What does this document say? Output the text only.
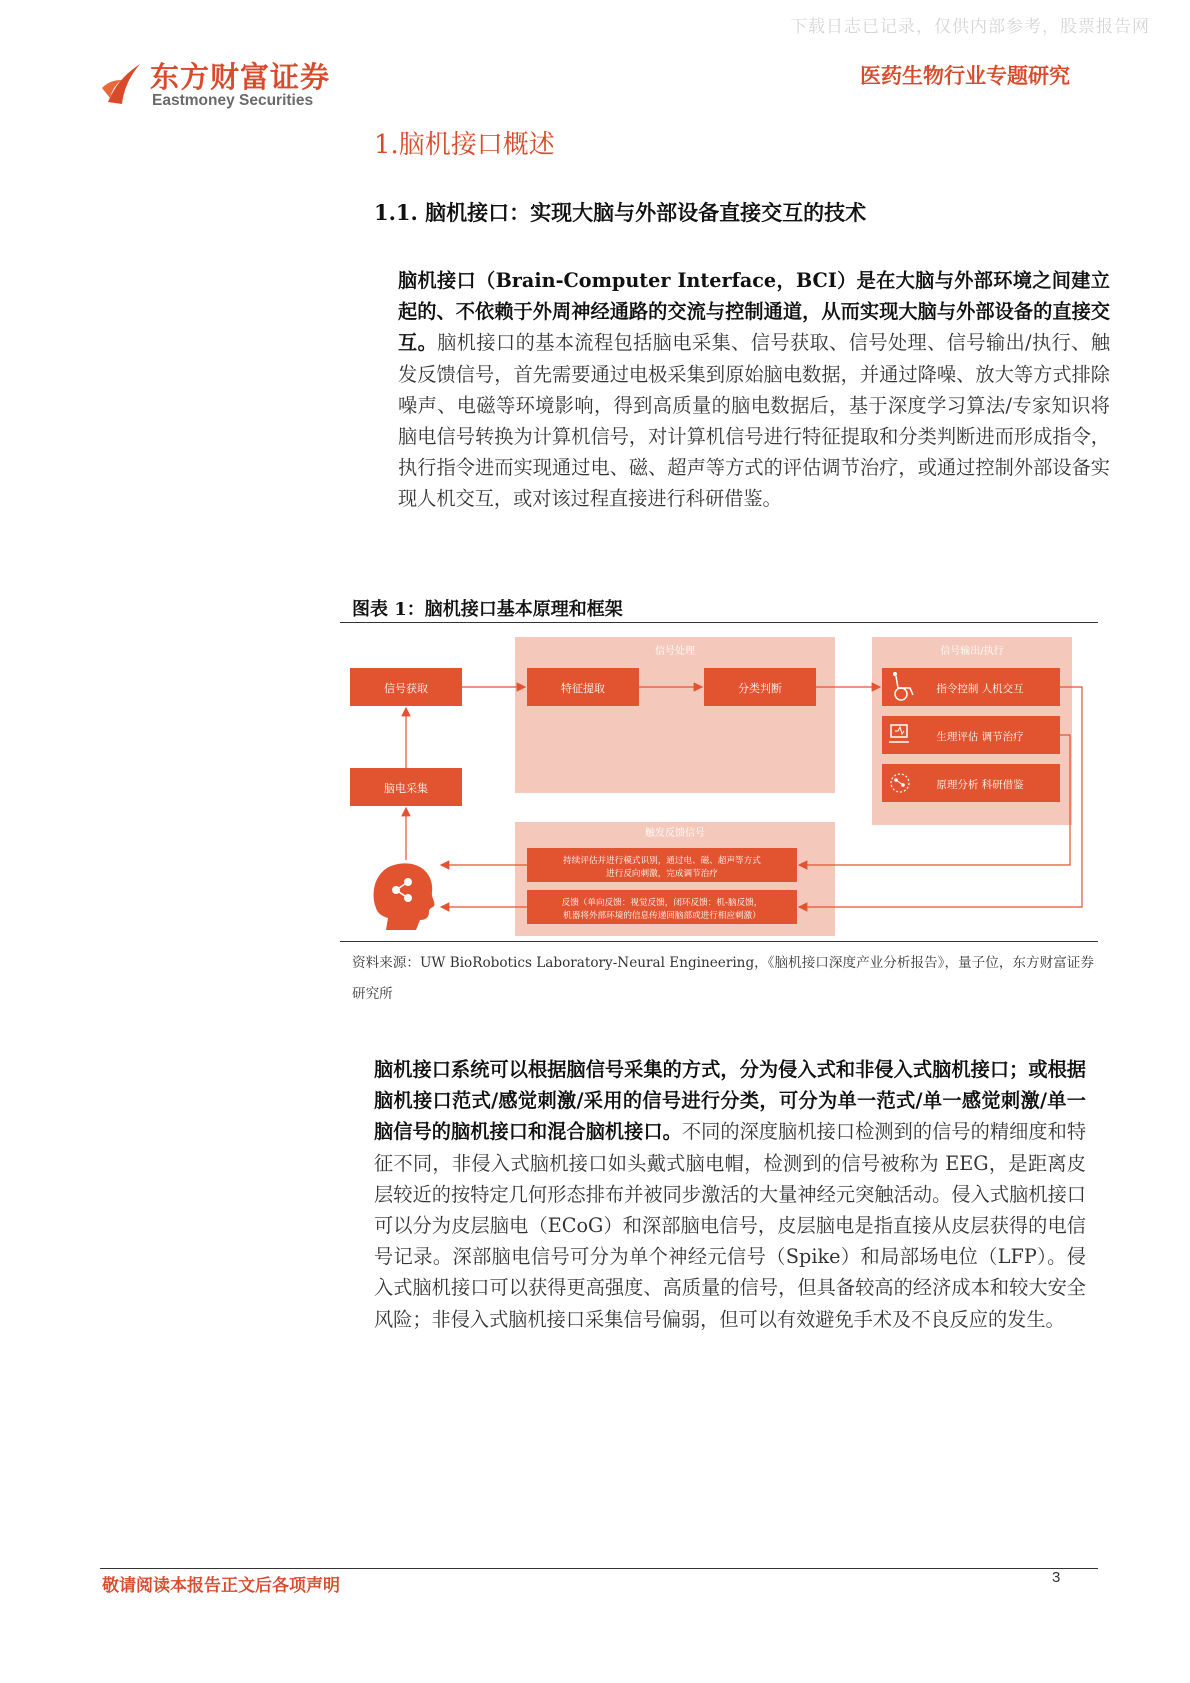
下载日志已记录，仅供内部参考，股票报告网
东方财富证券
Eastmoney Securities
医药生物行业专题研究
1.脑机接口概述
1.1. 脑机接口：实现大脑与外部设备直接交互的技术
脑机接口（Brain-Computer Interface，BCI）是在大脑与外部环境之间建立起的、不依赖于外周神经通路的交流与控制通道，从而实现大脑与外部设备的直接交互。脑机接口的基本流程包括脑电采集、信号获取、信号处理、信号输出/执行、触发反馈信号，首先需要通过电极采集到原始脑电数据，并通过降噪、放大等方式排除噪声、电磁等环境影响，得到高质量的脑电数据后，基于深度学习算法/专家知识将脑电信号转换为计算机信号，对计算机信号进行特征提取和分类判断进而形成指令，执行指令进而实现通过电、磁、超声等方式的评估调节治疗，或通过控制外部设备实现人机交互，或对该过程直接进行科研借鉴。
图表 1：脑机接口基本原理和框架
信号处理	信号输出/执行
触发反馈信号
信号获取
脑电采集
特征提取	分类判断	指令控制 人机交互
生理评估 调节治疗
原理分析 科研借鉴
持续评估并进行模式识别，通过电、磁、超声等方式
进行反向刺激，完成调节治疗
反馈（单向反馈：视觉反馈，闭环反馈：机-脑反馈，
机器将外部环境的信息传递回脑部或进行相应刺激）
资料来源：UW BioRobotics Laboratory-Neural Engineering，《脑机接口深度产业分析报告》，量子位，东方财富证券研究所
脑机接口系统可以根据脑信号采集的方式，分为侵入式和非侵入式脑机接口；或根据脑机接口范式/感觉刺激/采用的信号进行分类，可分为单一范式/单一感觉刺激/单一脑信号的脑机接口和混合脑机接口。不同的深度脑机接口检测到的信号的精细度和特征不同，非侵入式脑机接口如头戴式脑电帽，检测到的信号被称为 EEG，是距离皮层较近的按特定几何形态排布并被同步激活的大量神经元突触活动。侵入式脑机接口可以分为皮层脑电（ECoG）和深部脑电信号，皮层脑电是指直接从皮层获得的电信号记录。深部脑电信号可分为单个神经元信号（Spike）和局部场电位（LFP）。侵入式脑机接口可以获得更高强度、高质量的信号，但具备较高的经济成本和较大安全风险；非侵入式脑机接口采集信号偏弱，但可以有效避免手术及不良反应的发生。
敬请阅读本报告正文后各项声明	3
